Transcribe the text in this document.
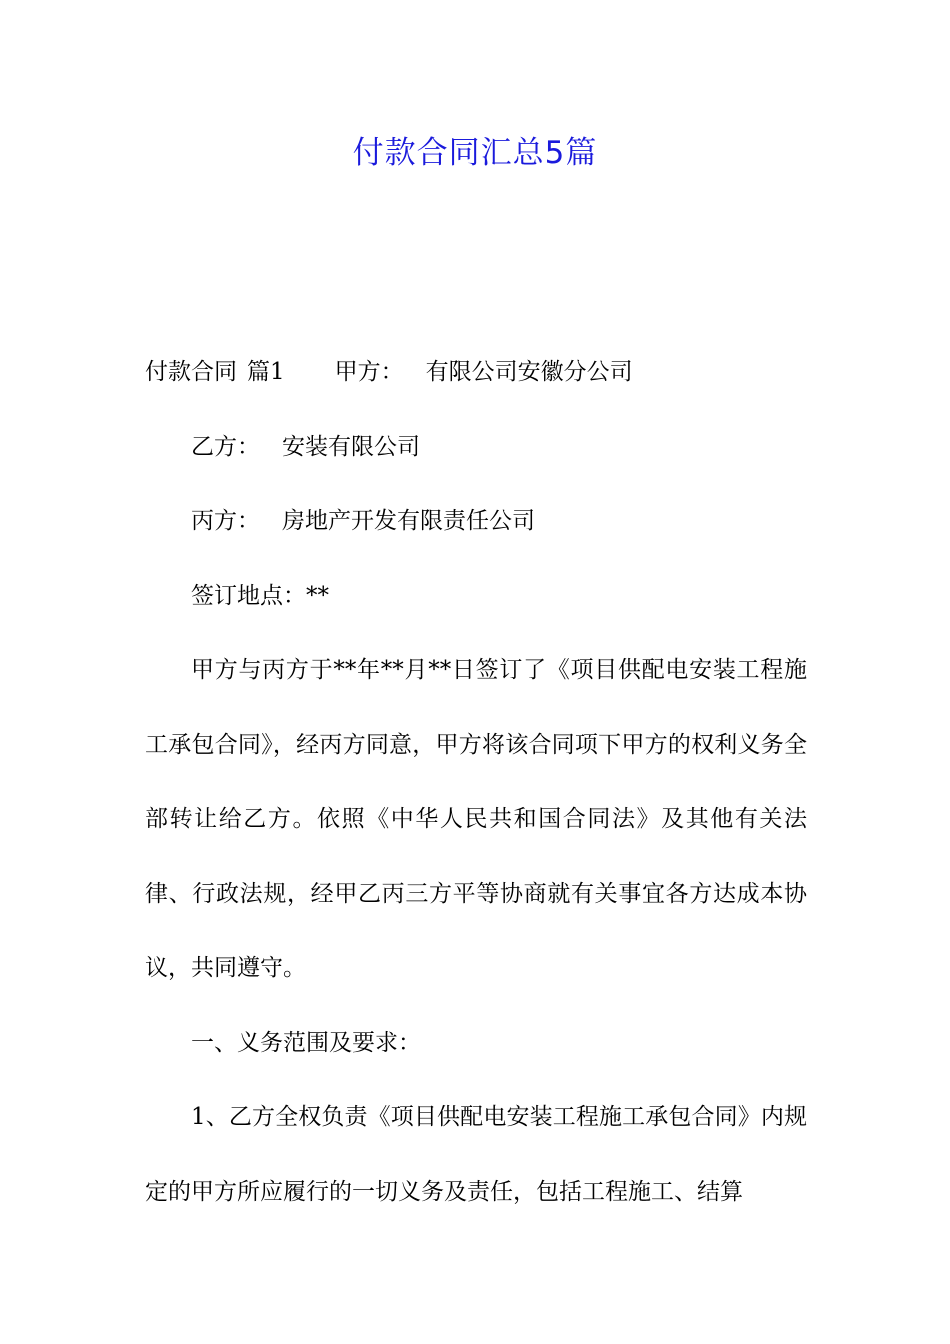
付款合同汇总5篇

付款合同 篇1 甲方： 有限公司安徽分公司

乙方： 安装有限公司

丙方： 房地产开发有限责任公司

签订地点：**

甲方与丙方于**年**月**日签订了《项目供配电安装工程施工承包合同》，经丙方同意，甲方将该合同项下甲方的权利义务全部转让给乙方。依照《中华人民共和国合同法》及其他有关法律、行政法规，经甲乙丙三方平等协商就有关事宜各方达成本协议，共同遵守。

一、义务范围及要求：

1、乙方全权负责《项目供配电安装工程施工承包合同》内规定的甲方所应履行的一切义务及责任，包括工程施工、结算
